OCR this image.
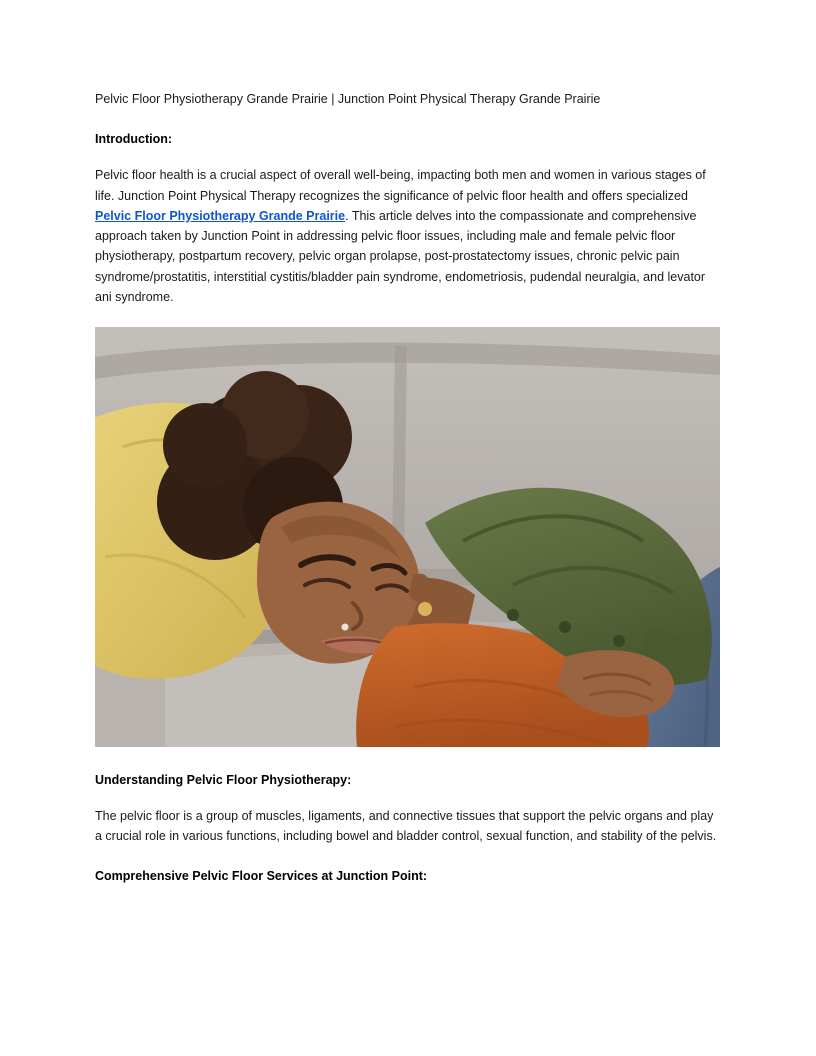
Pelvic Floor Physiotherapy Grande Prairie | Junction Point Physical Therapy Grande Prairie

Introduction:

Pelvic floor health is a crucial aspect of overall well-being, impacting both men and women in various stages of life. Junction Point Physical Therapy recognizes the significance of pelvic floor health and offers specialized Pelvic Floor Physiotherapy Grande Prairie. This article delves into the compassionate and comprehensive approach taken by Junction Point in addressing pelvic floor issues, including male and female pelvic floor physiotherapy, postpartum recovery, pelvic organ prolapse, post-prostatectomy issues, chronic pelvic pain syndrome/prostatitis, interstitial cystitis/bladder pain syndrome, endometriosis, pudendal neuralgia, and levator ani syndrome.

Understanding Pelvic Floor Physiotherapy:

The pelvic floor is a group of muscles, ligaments, and connective tissues that support the pelvic organs and play a crucial role in various functions, including bowel and bladder control, sexual function, and stability of the pelvis.

Comprehensive Pelvic Floor Services at Junction Point:
